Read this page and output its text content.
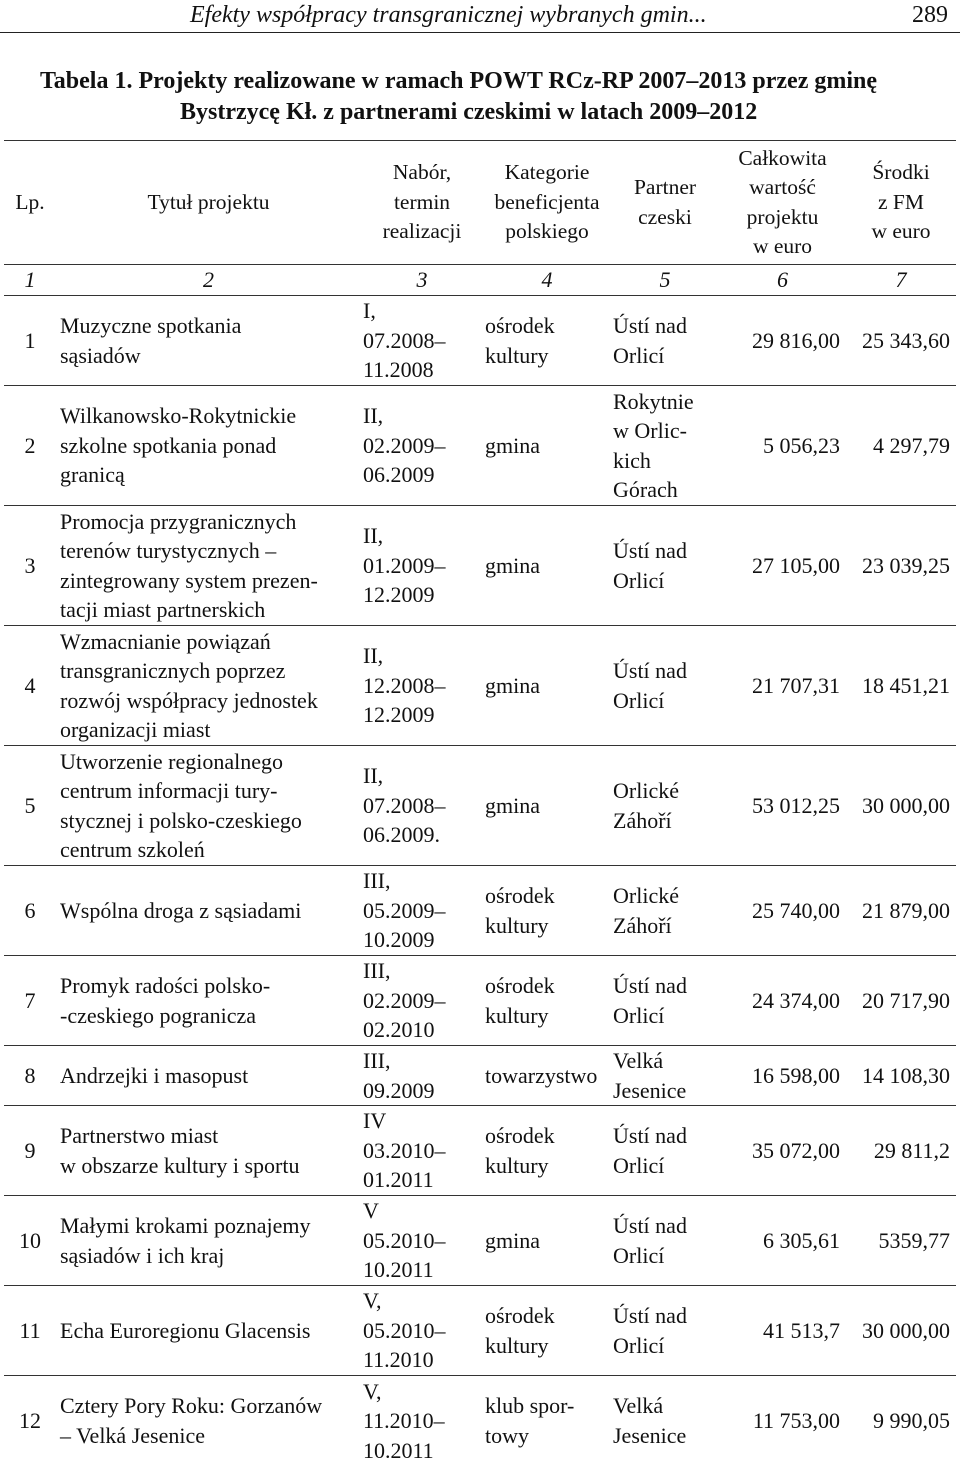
Efekty współpracy transgranicznej wybranych gmin...	289
Tabela 1. Projekty realizowane w ramach POWT RCz-RP 2007–2013 przez gminę
Bystrzycę Kł. z partnerami czeskimi w latach 2009–2012
Lp.	Tytuł projektu	Nabór,
termin
realizacji	Kategorie
beneficjenta
polskiego	Partner
czeski	Całkowita
wartość
projektu
w euro	Środki
z FM
w euro

1	2	3	4	5	6	7
1	Muzyczne spotkania
sąsiadów	I,
07.2008–
11.2008	ośrodek
kultury	Ústí nad
Orlicí	29 816,00	25 343,60
2	Wilkanowsko-Rokytnickie
szkolne spotkania ponad
granicą	II,
02.2009–
06.2009	gmina	Rokytnie
w Orlic-
kich
Górach	5 056,23	4 297,79
3	Promocja przygranicznych
terenów turystycznych –
zintegrowany system prezen-
tacji miast partnerskich	II,
01.2009–
12.2009	gmina	Ústí nad
Orlicí	27 105,00	23 039,25
4	Wzmacnianie powiązań
transgranicznych poprzez
rozwój współpracy jednostek
organizacji miast	II,
12.2008–
12.2009	gmina	Ústí nad
Orlicí	21 707,31	18 451,21
5	Utworzenie regionalnego
centrum informacji tury-
stycznej i polsko-czeskiego
centrum szkoleń	II,
07.2008–
06.2009.	gmina	Orlické
Záhoří	53 012,25	30 000,00
6	Wspólna droga z sąsiadami	III,
05.2009–
10.2009	ośrodek
kultury	Orlické
Záhoří	25 740,00	21 879,00
7	Promyk radości polsko-
-czeskiego pogranicza	III,
02.2009–
02.2010	ośrodek
kultury	Ústí nad
Orlicí	24 374,00	20 717,90
8	Andrzejki i masopust	III,
09.2009	towarzystwo	Velká
Jesenice	16 598,00	14 108,30
9	Partnerstwo miast
w obszarze kultury i sportu	IV
03.2010–
01.2011	ośrodek
kultury	Ústí nad
Orlicí	35 072,00	29 811,2
10	Małymi krokami poznajemy
sąsiadów i ich kraj	V
05.2010–
10.2011	gmina	Ústí nad
Orlicí	6 305,61	5359,77
11	Echa Euroregionu Glacensis	V,
05.2010–
11.2010	ośrodek
kultury	Ústí nad
Orlicí	41 513,7	30 000,00
12	Cztery Pory Roku: Gorzanów
– Velká Jesenice	V,
11.2010–
10.2011	klub spor-
towy	Velká
Jesenice	11 753,00	9 990,05
